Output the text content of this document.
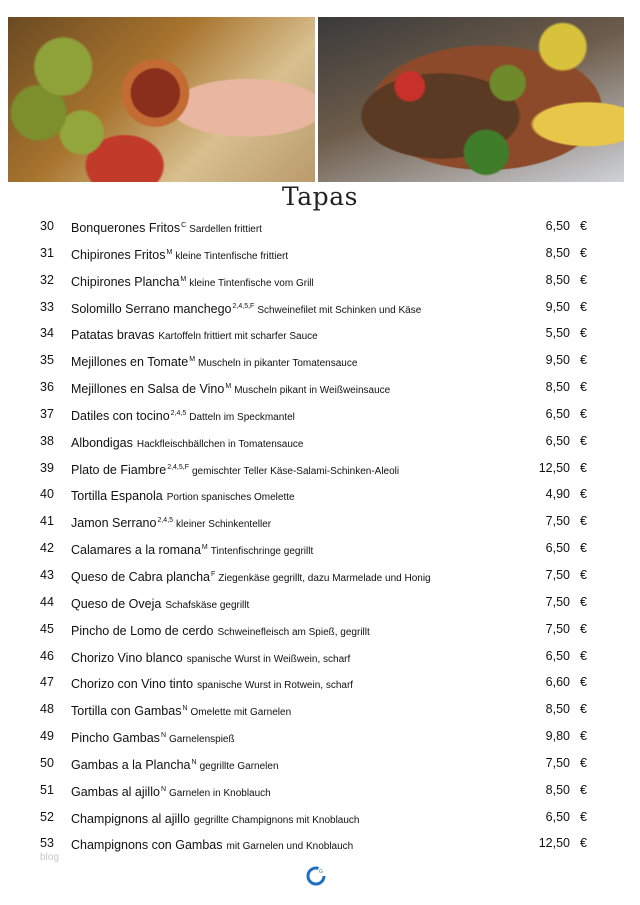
Tapas
30	Bonquerones Fritos$^C$ Sardellen frittiert	6,50 €
31	Chipirones Fritos$^M$ kleine Tintenfische frittiert	8,50 €
32	Chipirones Plancha$^M$ kleine Tintenfische vom Grill	8,50 €
33	Solomillo Serrano manchego$^{2,4,5,F}$ Schweinefilet mit Schinken und Käse	9,50 €
34	Patatas bravas Kartoffeln frittiert mit scharfer Sauce	5,50 €
35	Mejillones en Tomate$^M$ Muscheln in pikanter Tomatensauce	9,50 €
36	Mejillones en Salsa de Vino$^M$ Muscheln pikant in Weißweinsauce	8,50 €
37	Datiles con tocino$^{2,4,5}$ Datteln im Speckmantel	6,50 €
38	Albondigas Hackfleischbällchen in Tomatensauce	6,50 €
39	Plato de Fiambre$^{2,4,5,F}$ gemischter Teller Käse-Salami-Schinken-Aleoli	12,50 €
40	Tortilla Espanola Portion spanisches Omelette	4,90 €
41	Jamon Serrano$^{2,4,5}$ kleiner Schinkenteller	7,50 €
42	Calamares a la romana$^M$ Tintenfischringe gegrillt	6,50 €
43	Queso de Cabra plancha$^F$ Ziegenkäse gegrillt, dazu Marmelade und Honig	7,50 €
44	Queso de Oveja Schafskäse gegrillt	7,50 €
45	Pincho de Lomo de cerdo Schweinefleisch am Spieß, gegrillt	7,50 €
46	Chorizo Vino blanco spanische Wurst in Weißwein, scharf	6,50 €
47	Chorizo con Vino tinto spanische Wurst in Rotwein, scharf	6,60 €
48	Tortilla con Gambas$^N$ Omelette mit Garnelen	8,50 €
49	Pincho Gambas$^N$ Garnelenspieß	9,80 €
50	Gambas a la Plancha$^N$ gegrillte Garnelen	7,50 €
51	Gambas al ajillo$^N$ Garnelen in Knoblauch	8,50 €
52	Champignons al ajillo gegrillte Champignons mit Knoblauch	6,50 €
53	Champignons con Gambas mit Garnelen und Knoblauch	12,50 €
blog
G
